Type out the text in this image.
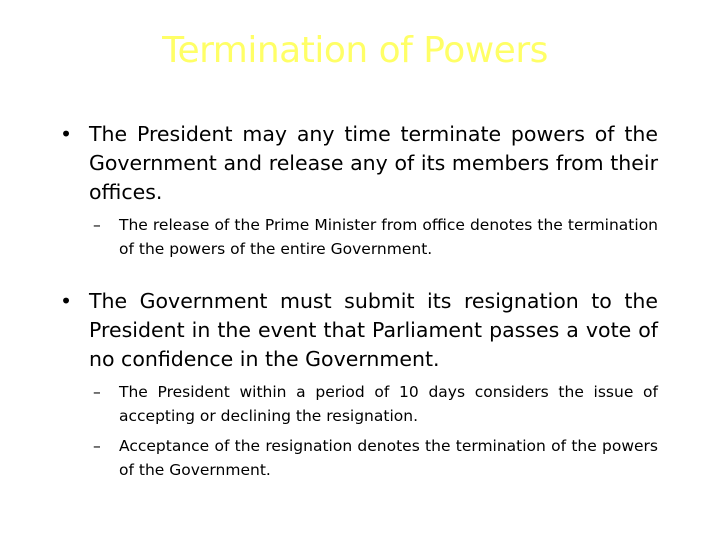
Termination of Powers
• The President may any time terminate powers of the Government and release any of its members from their offices.
– The release of the Prime Minister from office denotes the termination of the powers of the entire Government.
• The Government must submit its resignation to the President in the event that Parliament passes a vote of no confidence in the Government.
– The President within a period of 10 days considers the issue of accepting or declining the resignation.
– Acceptance of the resignation denotes the termination of the powers of the Government.
